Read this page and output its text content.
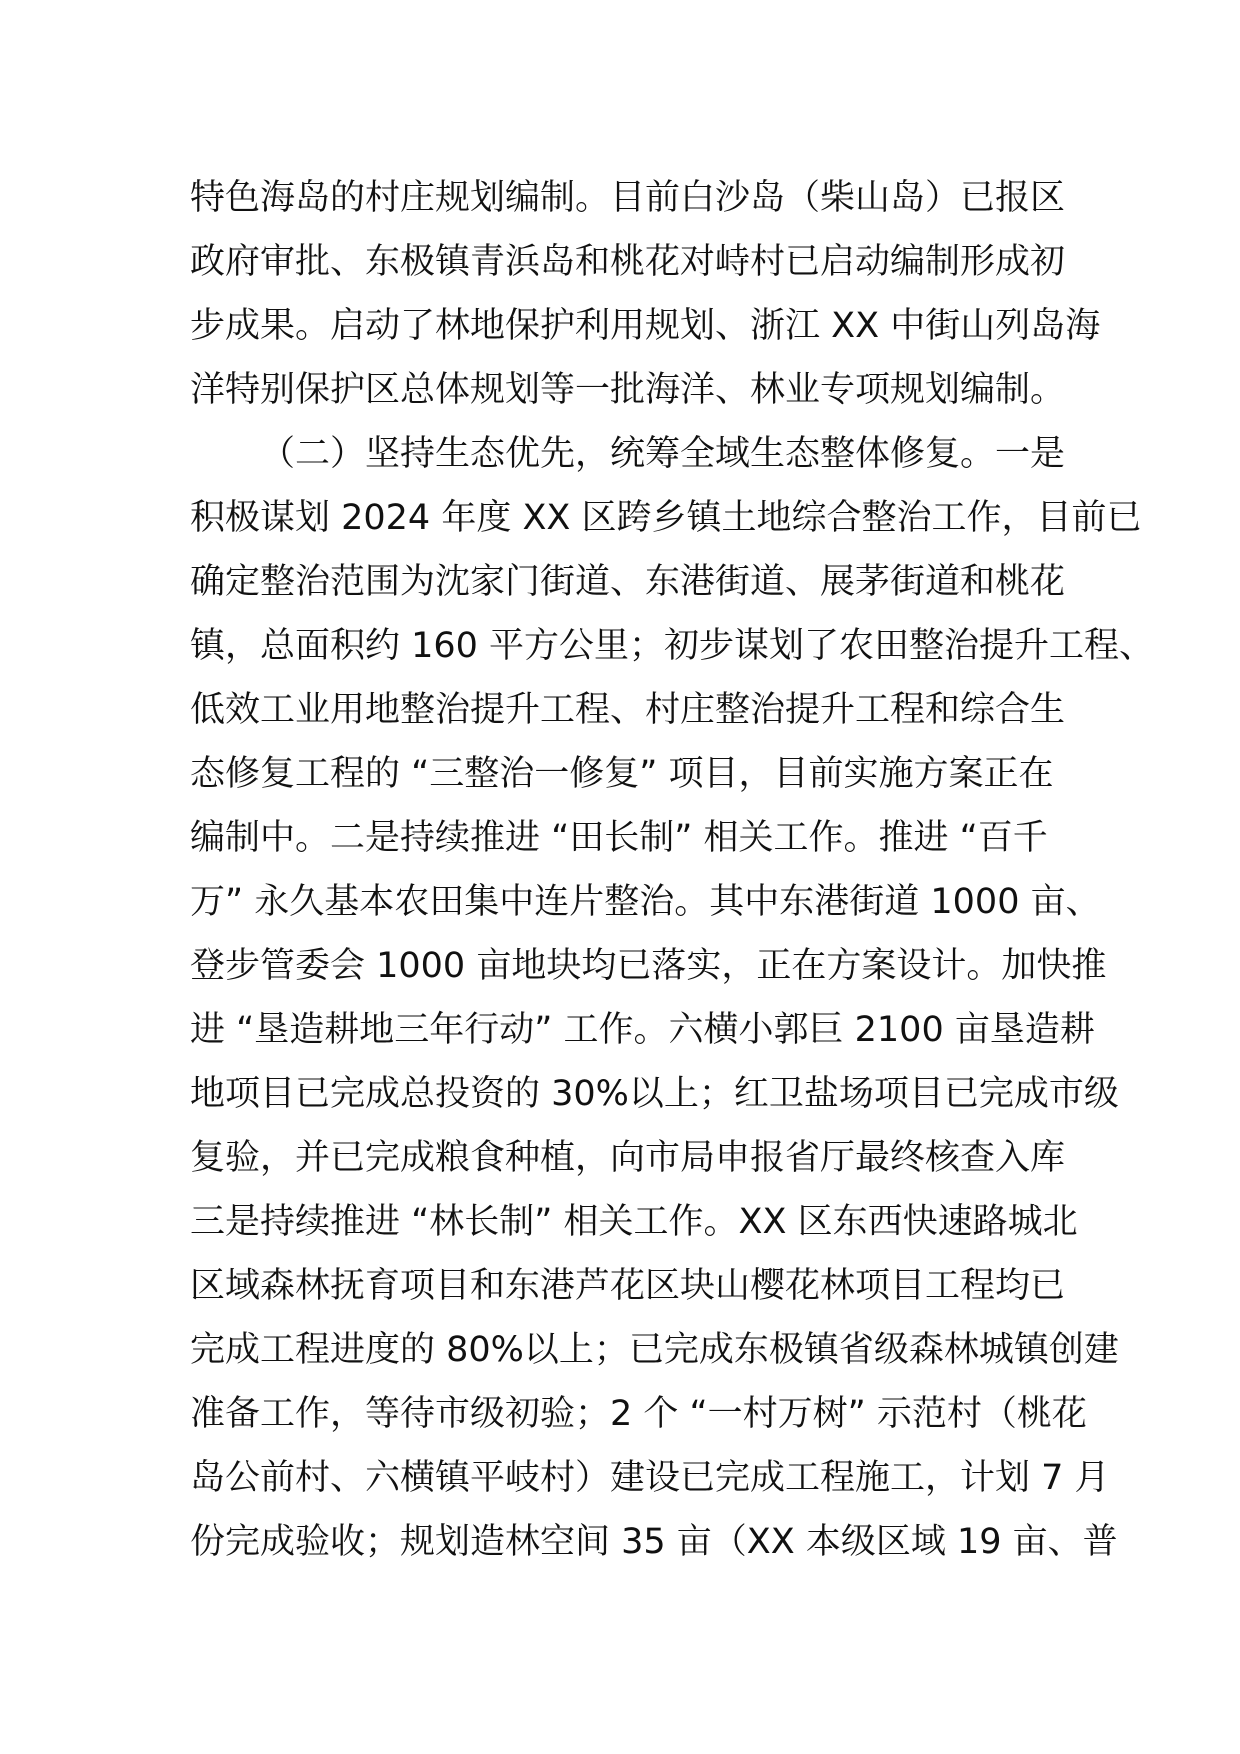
特色海岛的村庄规划编制。目前白沙岛（柴山岛）已报区
政府审批、东极镇青浜岛和桃花对峙村已启动编制形成初
步成果。启动了林地保护利用规划、浙江 XX 中街山列岛海
洋特别保护区总体规划等一批海洋、林业专项规划编制。
（二）坚持生态优先，统筹全域生态整体修复。一是
积极谋划 2024 年度 XX 区跨乡镇土地综合整治工作，目前已
确定整治范围为沈家门街道、东港街道、展茅街道和桃花
镇，总面积约 160 平方公里；初步谋划了农田整治提升工程、
低效工业用地整治提升工程、村庄整治提升工程和综合生
态修复工程的 “三整治一修复” 项目，目前实施方案正在
编制中。二是持续推进 “田长制” 相关工作。推进 “百千
万” 永久基本农田集中连片整治。其中东港街道 1000 亩、
登步管委会 1000 亩地块均已落实，正在方案设计。加快推
进 “垦造耕地三年行动” 工作。六横小郭巨 2100 亩垦造耕
地项目已完成总投资的 30%以上；红卫盐场项目已完成市级
复验，并已完成粮食种植，向市局申报省厅最终核查入库
三是持续推进 “林长制” 相关工作。XX 区东西快速路城北
区域森林抚育项目和东港芦花区块山樱花林项目工程均已
完成工程进度的 80%以上；已完成东极镇省级森林城镇创建
准备工作，等待市级初验；2 个 “一村万树” 示范村（桃花
岛公前村、六横镇平岐村）建设已完成工程施工，计划 7 月
份完成验收；规划造林空间 35 亩（XX 本级区域 19 亩、普
